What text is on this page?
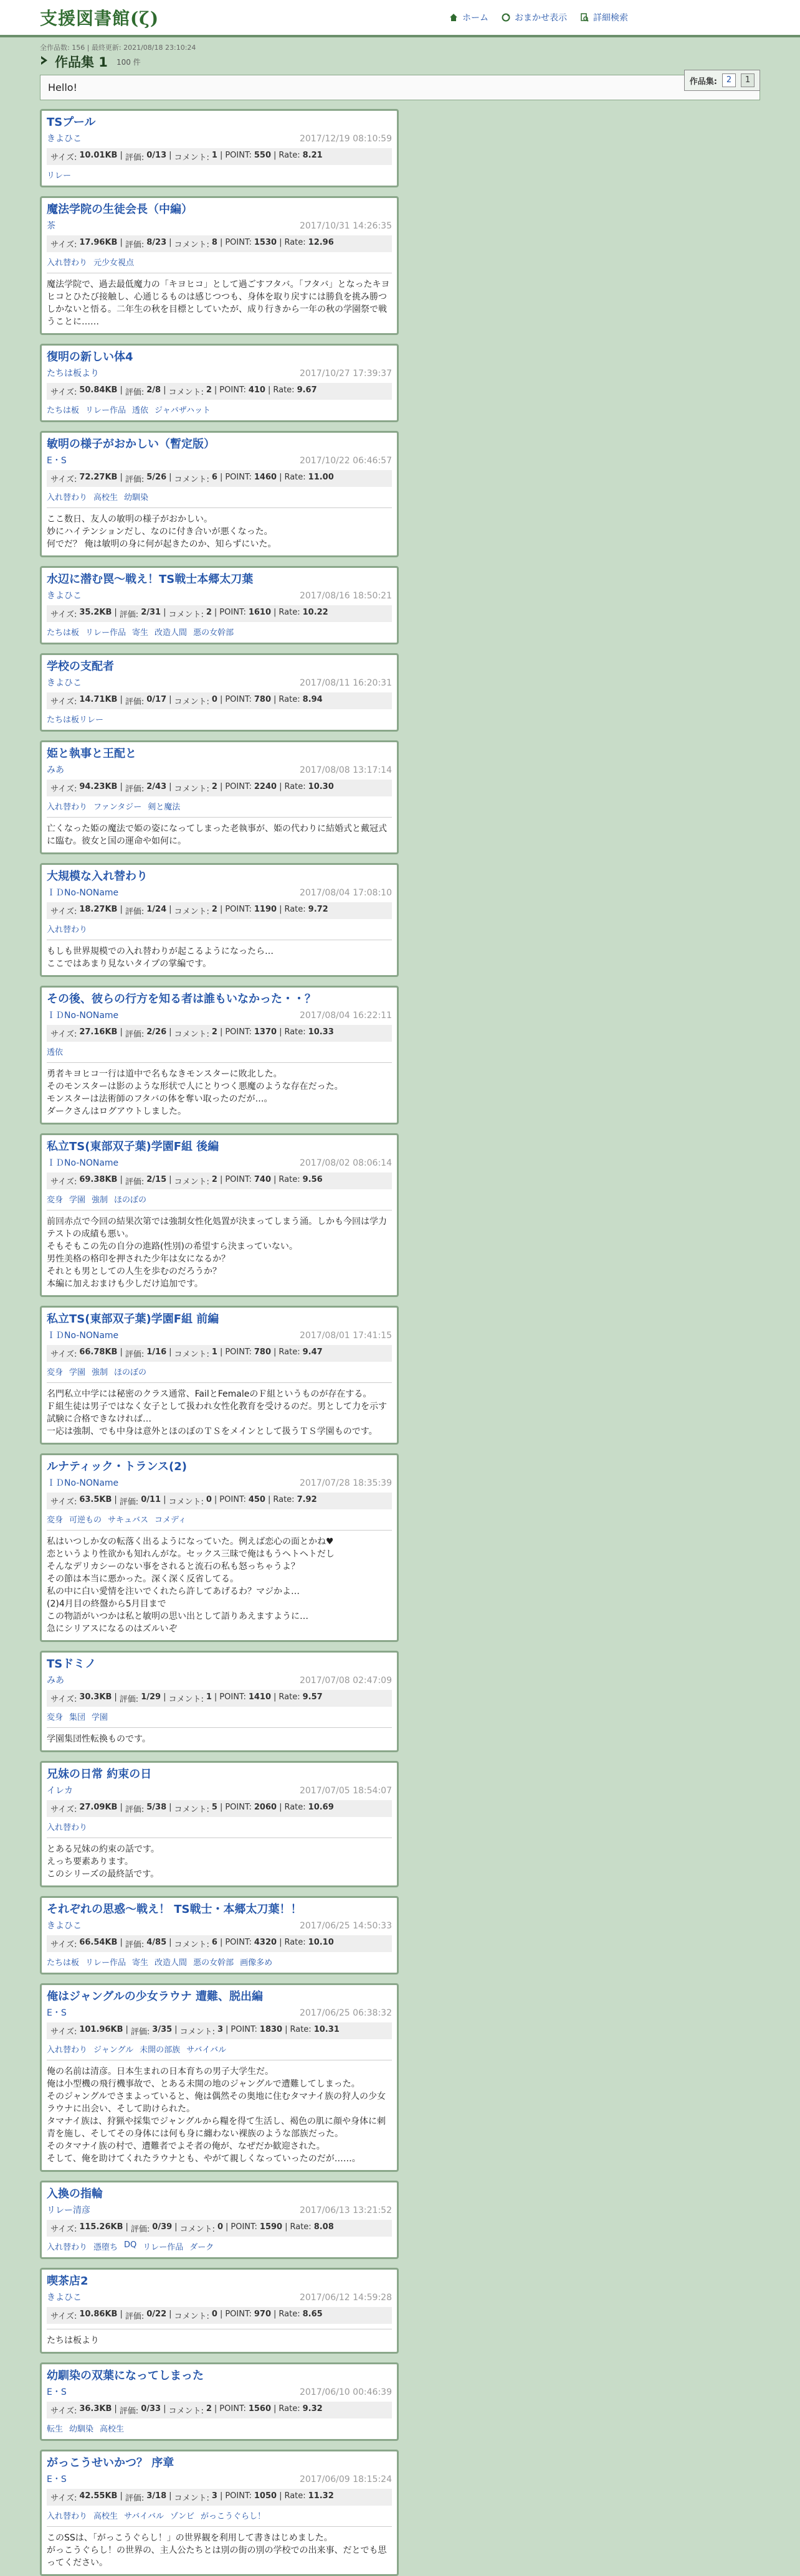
支援図書館(ζ)	ホーム	おまかせ表示	詳細検索
全作品数: 156 | 最終更新: 2021/08/18 23:10:24
作品集 1 100 件
作品集:	2	1
Hello!
TSプール
きよひこ	2017/12/19 08:10:59
サイズ: 10.01KB | 評価: 0/13 | コメント: 1 | POINT: 550 | Rate: 8.21
リレー
魔法学院の生徒会長（中編）
茶	2017/10/31 14:26:35
サイズ: 17.96KB | 評価: 8/23 | コメント: 8 | POINT: 1530 | Rate: 12.96
入れ替わり 元少女視点
魔法学院で、過去最低魔力の「キヨヒコ」として過ごすフタバ。「フタバ」となったキヨヒコとひたび接触し、心通じるものは感じつつも、身体を取り戻すには勝負を挑み勝つしかないと悟る。二年生の秋を目標としていたが、成り行きから一年の秋の学園祭で戦うことに……
復明の新しい体4
たちは板より	2017/10/27 17:39:37
サイズ: 50.84KB | 評価: 2/8 | コメント: 2 | POINT: 410 | Rate: 9.67
たちは板 リレー作品 透依 ジャバザハット
敏明の様子がおかしい（暫定版）
E・S	2017/10/22 06:46:57
サイズ: 72.27KB | 評価: 5/26 | コメント: 6 | POINT: 1460 | Rate: 11.00
入れ替わり 高校生 幼馴染
ここ数日、友人の敏明の様子がおかしい。
妙にハイテンションだし、なのに付き合いが悪くなった。
何でだ？ 俺は敏明の身に何が起きたのか、知らずにいた。
水辺に潜む罠～戦え！TS戦士本郷太刀葉
きよひこ	2017/08/16 18:50:21
サイズ: 35.2KB | 評価: 2/31 | コメント: 2 | POINT: 1610 | Rate: 10.22
たちは板 リレー作品 寄生 改造人間 悪の女幹部
学校の支配者
きよひこ	2017/08/11 16:20:31
サイズ: 14.71KB | 評価: 0/17 | コメント: 0 | POINT: 780 | Rate: 8.94
たちは板リレー
姫と執事と王配と
みあ	2017/08/08 13:17:14
サイズ: 94.23KB | 評価: 2/43 | コメント: 2 | POINT: 2240 | Rate: 10.30
入れ替わり ファンタジー 剣と魔法
亡くなった姫の魔法で姫の姿になってしまった老執事が、姫の代わりに結婚式と戴冠式に臨む。彼女と国の運命や如何に。
大規模な入れ替わり
ＩＤNo-NOName	2017/08/04 17:08:10
サイズ: 18.27KB | 評価: 1/24 | コメント: 2 | POINT: 1190 | Rate: 9.72
入れ替わり
もしも世界規模での入れ替わりが起こるようになったら…
ここではあまり見ないタイプの掌編です。
その後、彼らの行方を知る者は誰もいなかった・・？
ＩＤNo-NOName	2017/08/04 16:22:11
サイズ: 27.16KB | 評価: 2/26 | コメント: 2 | POINT: 1370 | Rate: 10.33
透依
勇者キヨヒコ一行は道中で名もなきモンスターに敗北した。
そのモンスターは影のような形状で人にとりつく悪魔のような存在だった。
モンスターは法術師のフタバの体を奪い取ったのだが…。
ダークさんはログアウトしました。
私立TS(東部双子葉)学園F組 後編
ＩＤNo-NOName	2017/08/02 08:06:14
サイズ: 69.38KB | 評価: 2/15 | コメント: 2 | POINT: 740 | Rate: 9.56
変身 学園 強制 ほのぼの
前回赤点で今回の結果次第では強制女性化処置が決まってしまう涌。しかも今回は学力テストの成績も悪い。
そもそもこの先の自分の進路(性別)の希望すら決まっていない。
男性美格の格印を押された少年は女になるか？
それとも男としての人生を歩むのだろうか？
本編に加えおまけも少しだけ追加です。
私立TS(東部双子葉)学園F組 前編
ＩＤNo-NOName	2017/08/01 17:41:15
サイズ: 66.78KB | 評価: 1/16 | コメント: 1 | POINT: 780 | Rate: 9.47
変身 学園 強制 ほのぼの
名門私立中学には秘密のクラス通常、FailとFemaleのＦ組というものが存在する。
Ｆ組生徒は男子ではなく女子として扱われ女性化教育を受けるのだ。男として力を示す試験に合格できなければ…
一応は強制、でも中身は意外とほのぼのＴＳをメインとして扱うＴＳ学園ものです。
ルナティック・トランス(2)
ＩＤNo-NOName	2017/07/28 18:35:39
サイズ: 63.5KB | 評価: 0/11 | コメント: 0 | POINT: 450 | Rate: 7.92
変身 可逆もの サキュバス コメディ
私はいつしか女の転落く出るようになっていた。例えば恋心の面とかね♥
恋というより性欲かも知れんがな。セックス三昧で俺はもうヘトヘトだし
そんなデリカシーのない事をされると流石の私も怒っちゃうよ？
その節は本当に悪かった。深く深く反省してる。
私の中に白い愛情を注いでくれたら許してあげるわ？マジかよ…
(2)4月目の終盤から5月目まで
この物語がいつかは私と敏明の思い出として語りあえますように…
急にシリアスになるのはズルいぞ
TSドミノ
みあ	2017/07/08 02:47:09
サイズ: 30.3KB | 評価: 1/29 | コメント: 1 | POINT: 1410 | Rate: 9.57
変身 集団 学園
学園集団性転換ものです。
兄妹の日常 約束の日
イレカ	2017/07/05 18:54:07
サイズ: 27.09KB | 評価: 5/38 | コメント: 5 | POINT: 2060 | Rate: 10.69
入れ替わり
とある兄妹の約束の話です。
えっち要素あります。
このシリーズの最終話です。
それぞれの思惑～戦え！ TS戦士・本郷太刀葉！！
きよひこ	2017/06/25 14:50:33
サイズ: 66.54KB | 評価: 4/85 | コメント: 6 | POINT: 4320 | Rate: 10.10
たちは板 リレー作品 寄生 改造人間 悪の女幹部 画像多め
俺はジャングルの少女ラウナ 遭難、脱出編
E・S	2017/06/25 06:38:32
サイズ: 101.96KB | 評価: 3/35 | コメント: 3 | POINT: 1830 | Rate: 10.31
入れ替わり ジャングル 未開の部族 サバイバル
俺の名前は清彦。日本生まれの日本育ちの男子大学生だ。
俺は小型機の飛行機事故で、とある未開の地のジャングルで遭難してしまった。
そのジャングルでさまよっていると、俺は偶然その奥地に住むタマナイ族の狩人の少女ラウナに出会い、そして助けられた。
タマナイ族は、狩猟や採集でジャングルから糧を得て生活し、褐色の肌に顔や身体に刺青を施し、そしてその身体には何も身に纏わない裸族のような部族だった。
そのタマナイ族の村で、遭難者でよそ者の俺が、なぜだか歓迎された。
そして、俺を助けてくれたラウナとも、やがて親しくなっていったのだが……。
入換の指輪
リレー清彦	2017/06/13 13:21:52
サイズ: 115.26KB | 評価: 0/39 | コメント: 0 | POINT: 1590 | Rate: 8.08
入れ替わり 憑堕ち DQ リレー作品 ダーク
喫茶店2
きよひこ	2017/06/12 14:59:28
サイズ: 10.86KB | 評価: 0/22 | コメント: 0 | POINT: 970 | Rate: 8.65
たちは板より
幼馴染の双葉になってしまった
E・S	2017/06/10 00:46:39
サイズ: 36.3KB | 評価: 0/33 | コメント: 2 | POINT: 1560 | Rate: 9.32
転生 幼馴染 高校生
がっこうせいかつ？ 序章
E・S	2017/06/09 18:15:24
サイズ: 42.55KB | 評価: 3/18 | コメント: 3 | POINT: 1050 | Rate: 11.32
入れ替わり 高校生 サバイバル ゾンビ がっこうぐらし！
このSSは、「がっこうぐらし！」の世界観を利用して書きはじめました。
がっこうぐらし！の世界の、主人公たちとは別の街の別の学校での出来事、だとでも思ってください。
